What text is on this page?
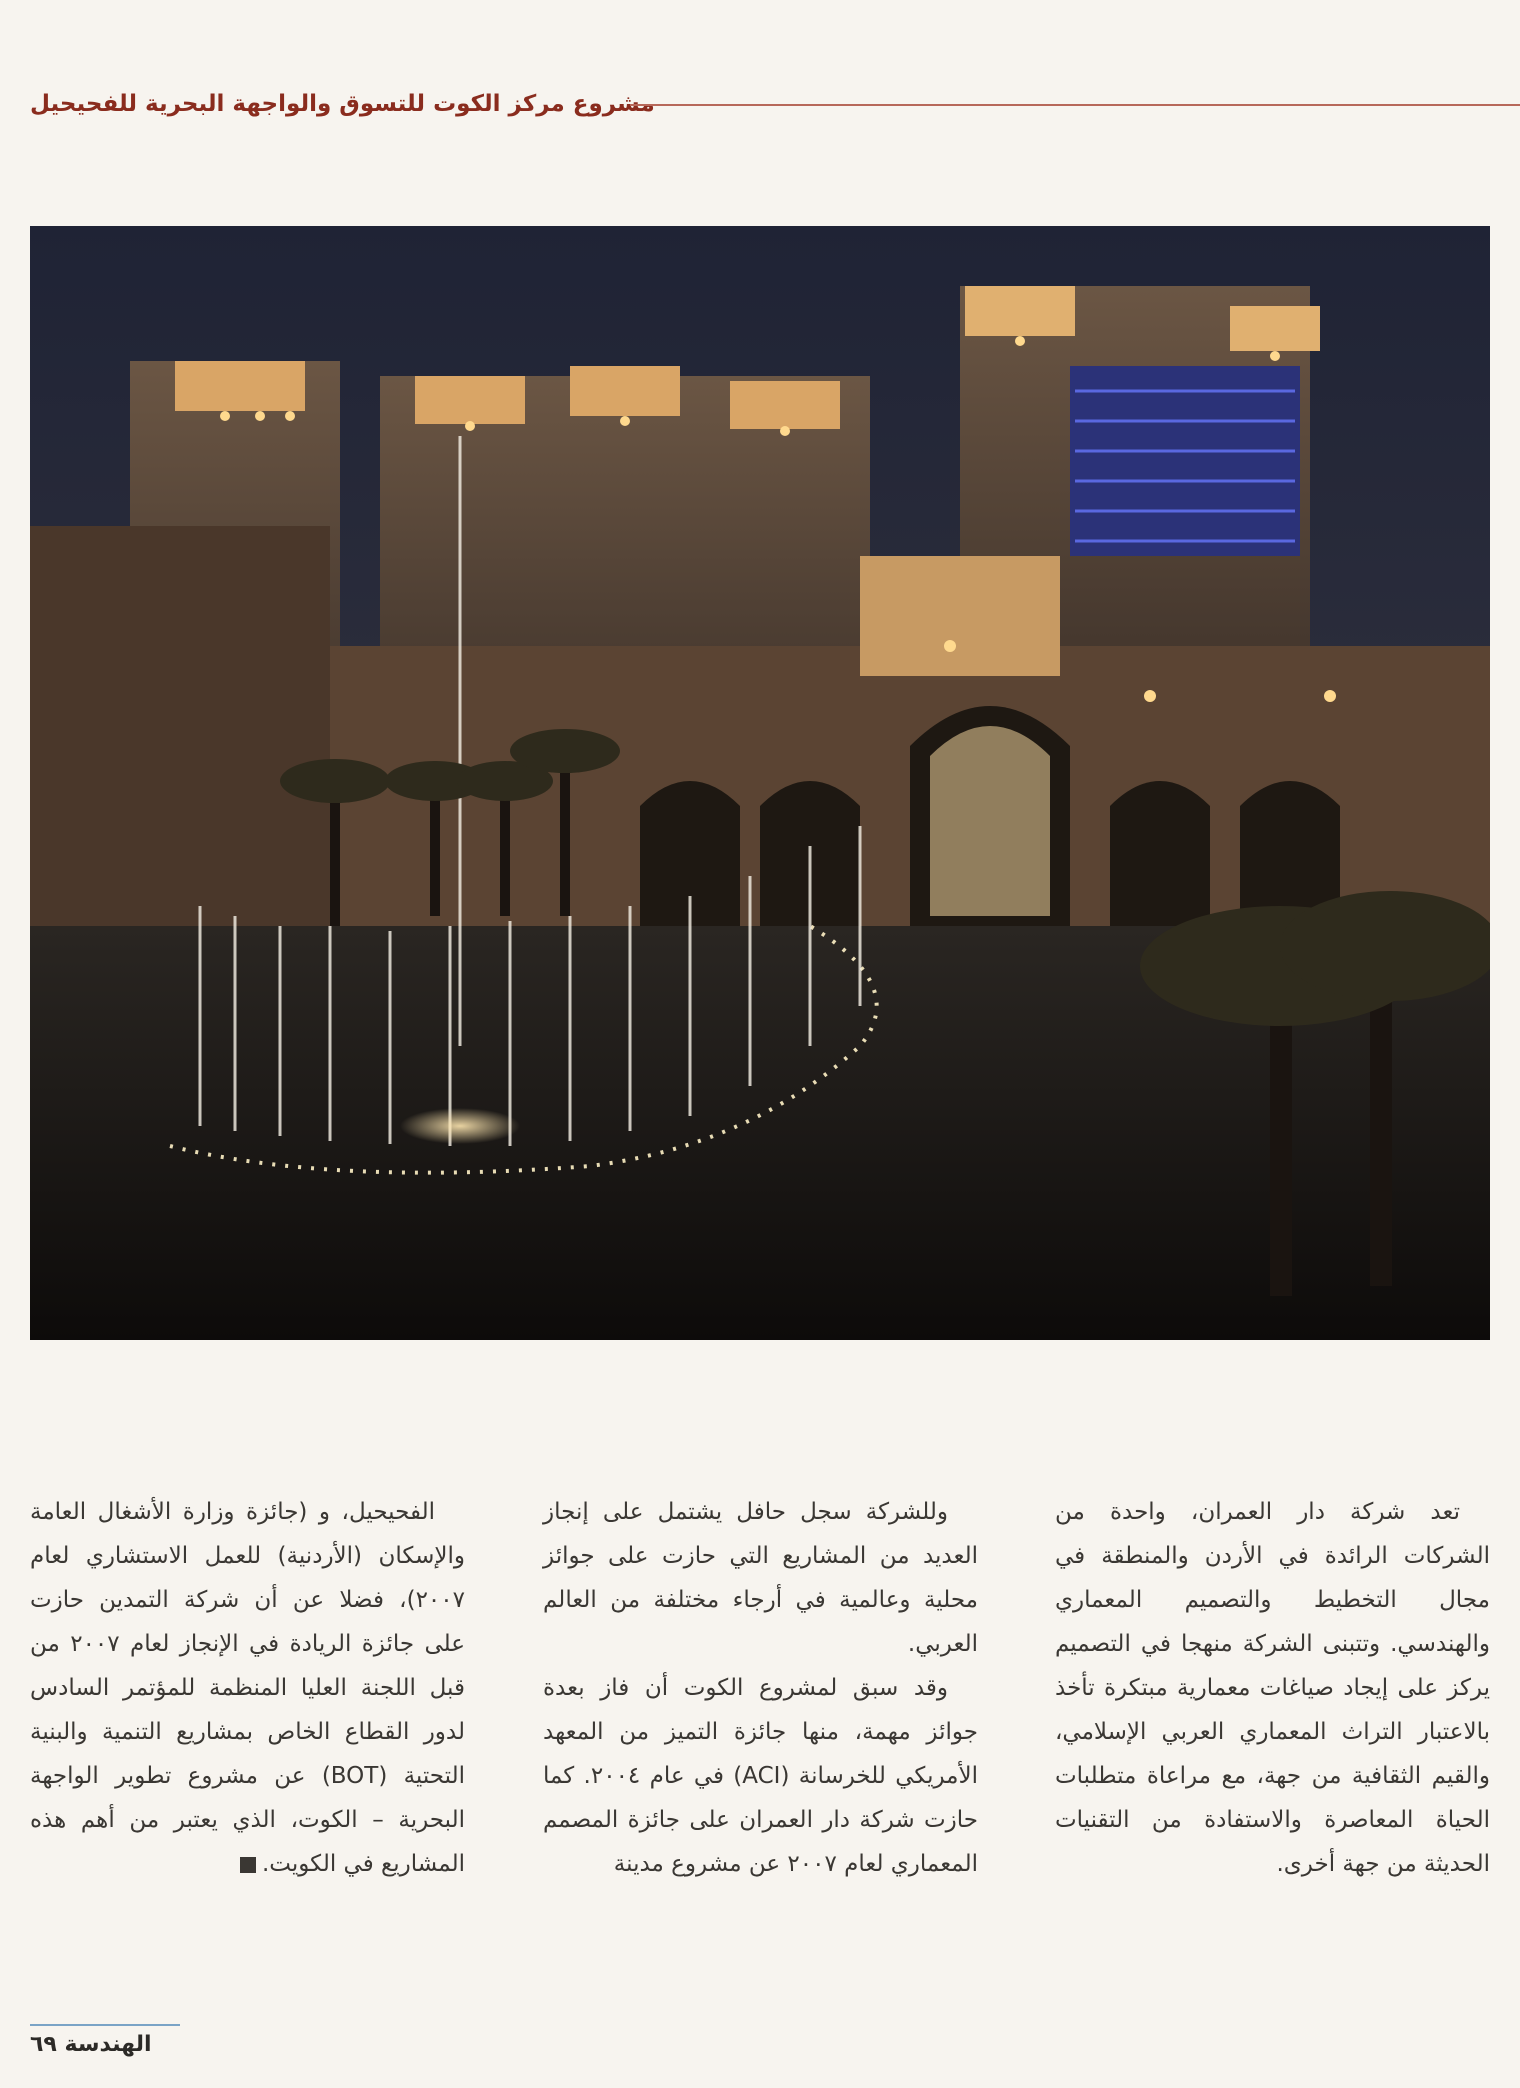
مشروع مركز الكوت للتسوق والواجهة البحرية للفحيحيل

تعد شركة دار العمران، واحدة من الشركات الرائدة في الأردن والمنطقة في مجال التخطيط والتصميم المعماري والهندسي. وتتبنى الشركة منهجا في التصميم يركز على إيجاد صياغات معمارية مبتكرة تأخذ بالاعتبار التراث المعماري العربي الإسلامي، والقيم الثقافية من جهة، مع مراعاة متطلبات الحياة المعاصرة والاستفادة من التقنيات الحديثة من جهة أخرى.

وللشركة سجل حافل يشتمل على إنجاز العديد من المشاريع التي حازت على جوائز محلية وعالمية في أرجاء مختلفة من العالم العربي.

وقد سبق لمشروع الكوت أن فاز بعدة جوائز مهمة، منها جائزة التميز من المعهد الأمريكي للخرسانة (ACI) في عام ٢٠٠٤. كما حازت شركة دار العمران على جائزة المصمم المعماري لعام ٢٠٠٧ عن مشروع مدينة

الفحيحيل، و (جائزة وزارة الأشغال العامة والإسكان (الأردنية) للعمل الاستشاري لعام ٢٠٠٧)، فضلا عن أن شركة التمدين حازت على جائزة الريادة في الإنجاز لعام ٢٠٠٧ من قبل اللجنة العليا المنظمة للمؤتمر السادس لدور القطاع الخاص بمشاريع التنمية والبنية التحتية (BOT) عن مشروع تطوير الواجهة البحرية – الكوت، الذي يعتبر من أهم هذه المشاريع في الكويت.

الهندسة ٦٩
